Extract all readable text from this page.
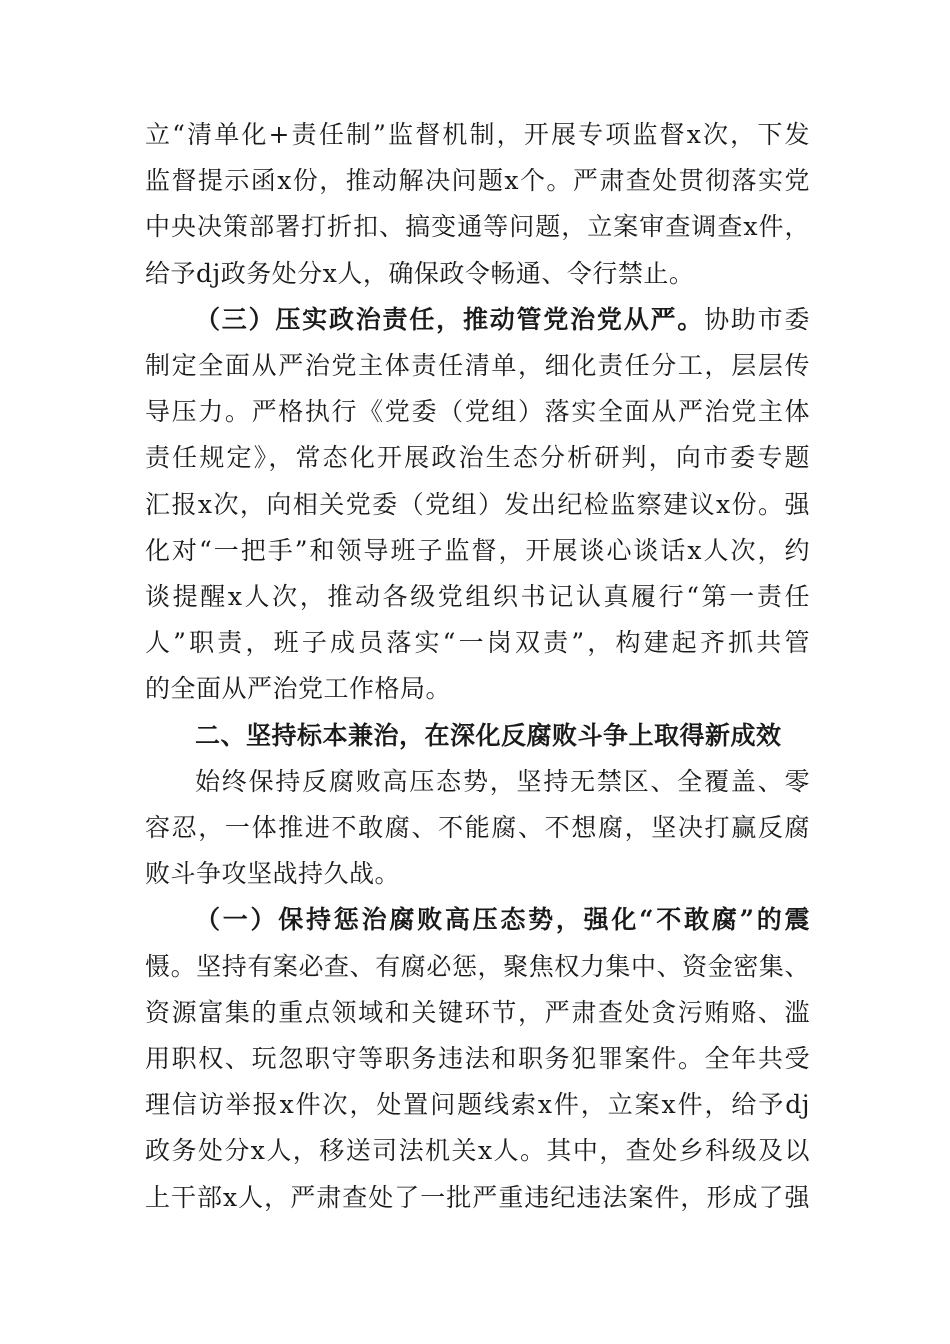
立“清单化+责任制”监督机制，开展专项监督x次，下发
监督提示函x份，推动解决问题x个。严肃查处贯彻落实党
中央决策部署打折扣、搞变通等问题，立案审查调查x件，
给予dj政务处分x人，确保政令畅通、令行禁止。

（三）压实政治责任，推动管党治党从严。协助市委
制定全面从严治党主体责任清单，细化责任分工，层层传
导压力。严格执行《党委（党组）落实全面从严治党主体
责任规定》，常态化开展政治生态分析研判，向市委专题
汇报x次，向相关党委（党组）发出纪检监察建议x份。强
化对“一把手”和领导班子监督，开展谈心谈话x人次，约
谈提醒x人次，推动各级党组织书记认真履行“第一责任
人”职责，班子成员落实“一岗双责”，构建起齐抓共管
的全面从严治党工作格局。

二、坚持标本兼治，在深化反腐败斗争上取得新成效

始终保持反腐败高压态势，坚持无禁区、全覆盖、零
容忍，一体推进不敢腐、不能腐、不想腐，坚决打赢反腐
败斗争攻坚战持久战。

（一）保持惩治腐败高压态势，强化“不敢腐”的震
慑。坚持有案必查、有腐必惩，聚焦权力集中、资金密集、
资源富集的重点领域和关键环节，严肃查处贪污贿赂、滥
用职权、玩忽职守等职务违法和职务犯罪案件。全年共受
理信访举报x件次，处置问题线索x件，立案x件，给予dj
政务处分x人，移送司法机关x人。其中，查处乡科级及以
上干部x人，严肃查处了一批严重违纪违法案件，形成了强
